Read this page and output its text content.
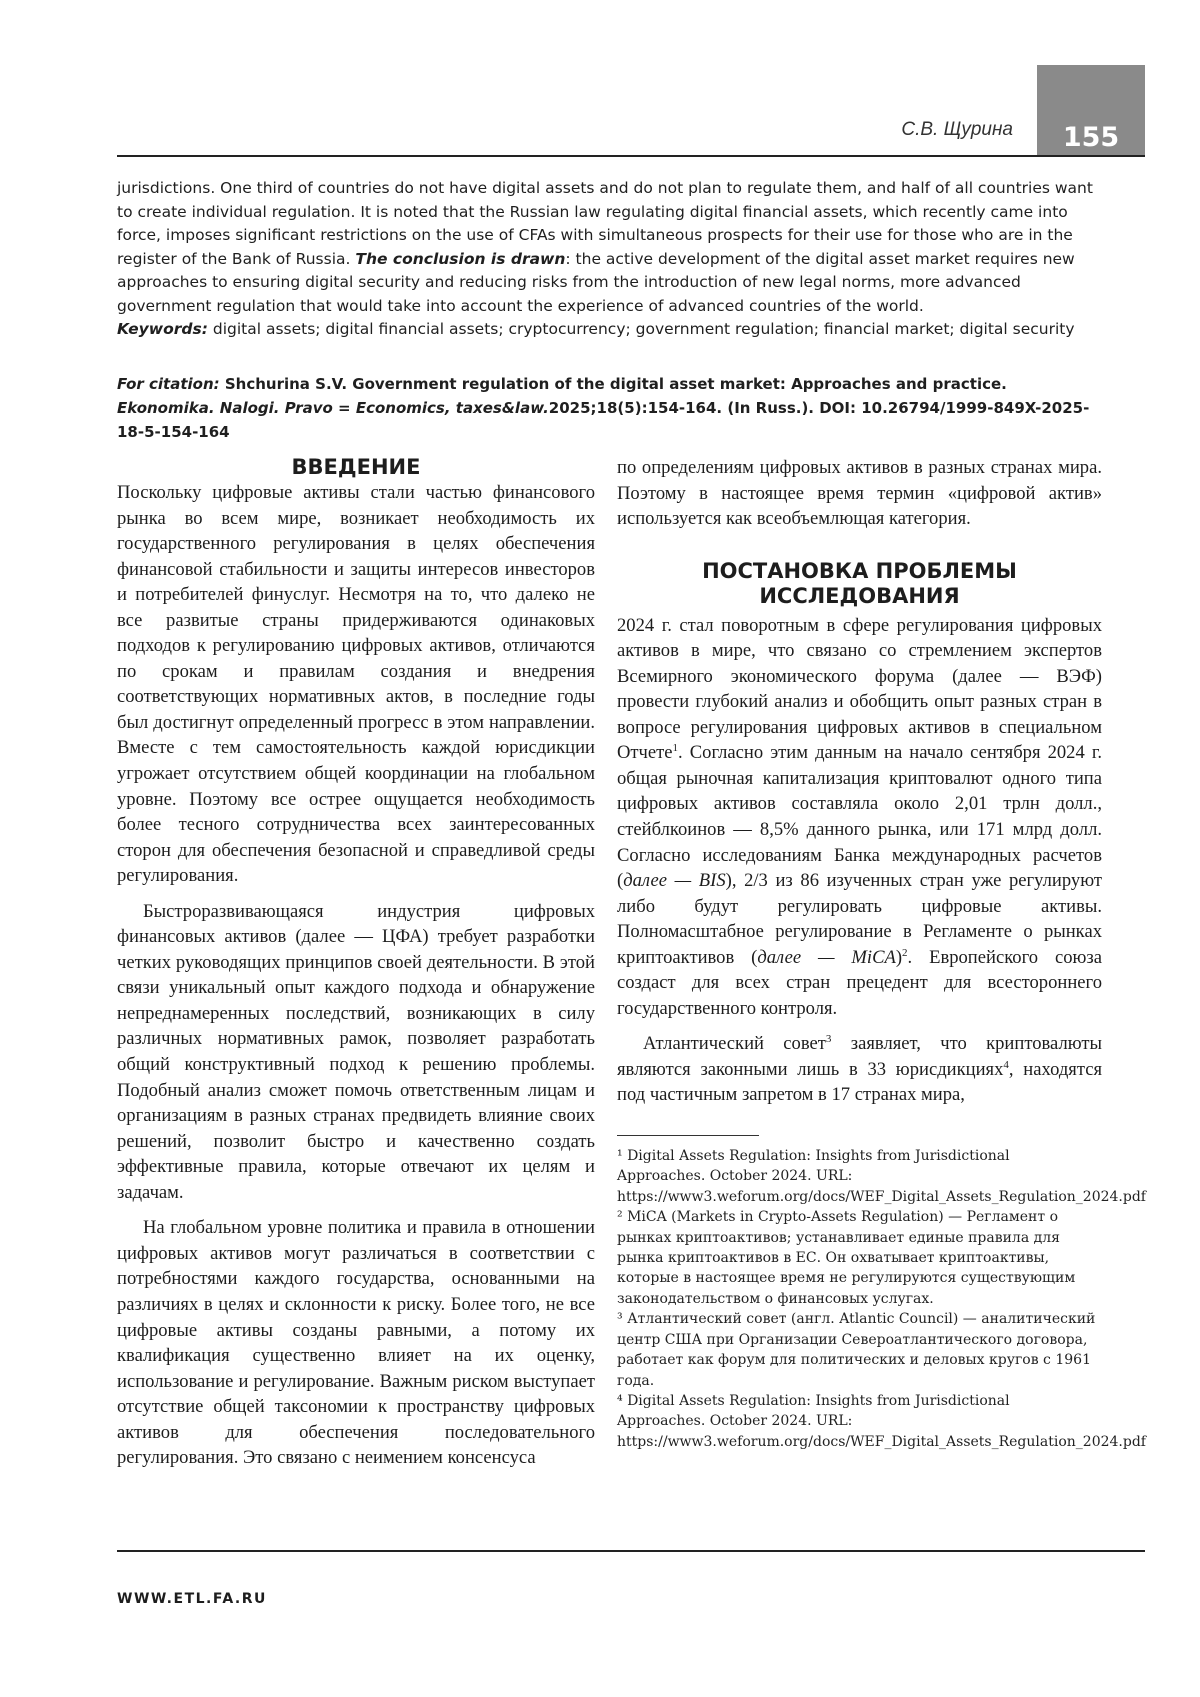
С.В. Щурина	155

jurisdictions. One third of countries do not have digital assets and do not plan to regulate them, and half of all countries want to create individual regulation. It is noted that the Russian law regulating digital financial assets, which recently came into force, imposes significant restrictions on the use of CFAs with simultaneous prospects for their use for those who are in the register of the Bank of Russia. The conclusion is drawn: the active development of the digital asset market requires new approaches to ensuring digital security and reducing risks from the introduction of new legal norms, more advanced government regulation that would take into account the experience of advanced countries of the world.

Keywords: digital assets; digital financial assets; cryptocurrency; government regulation; financial market; digital security

For citation: Shchurina S.V. Government regulation of the digital asset market: Approaches and practice. Ekonomika. Nalogi. Pravo = Economics, taxes&law.2025;18(5):154-164. (In Russ.). DOI: 10.26794/1999-849X-2025-18-5-154-164
ВВЕДЕНИЕ

Поскольку цифровые активы стали частью финансового рынка во всем мире, возникает необходимость их государственного регулирования в целях обеспечения финансовой стабильности и защиты интересов инвесторов и потребителей финуслуг. Несмотря на то, что далеко не все развитые страны придерживаются одинаковых подходов к регулированию цифровых активов, отличаются по срокам и правилам создания и внедрения соответствующих нормативных актов, в последние годы был достигнут определенный прогресс в этом направлении. Вместе с тем самостоятельность каждой юрисдикции угрожает отсутствием общей координации на глобальном уровне. Поэтому все острее ощущается необходимость более тесного сотрудничества всех заинтересованных сторон для обеспечения безопасной и справедливой среды регулирования.

Быстроразвивающаяся индустрия цифровых финансовых активов (далее — ЦФА) требует разработки четких руководящих принципов своей деятельности. В этой связи уникальный опыт каждого подхода и обнаружение непреднамеренных последствий, возникающих в силу различных нормативных рамок, позволяет разработать общий конструктивный подход к решению проблемы. Подобный анализ сможет помочь ответственным лицам и организациям в разных странах предвидеть влияние своих решений, позволит быстро и качественно создать эффективные правила, которые отвечают их целям и задачам.

На глобальном уровне политика и правила в отношении цифровых активов могут различаться в соответствии с потребностями каждого государства, основанными на различиях в целях и склонности к риску. Более того, не все цифровые активы созданы равными, а потому их квалификация существенно влияет на их оценку, использование и регулирование. Важным риском выступает отсутствие общей таксономии к пространству цифровых активов для обеспечения последовательного регулирования. Это связано с неимением консенсуса

по определениям цифровых активов в разных странах мира. Поэтому в настоящее время термин «цифровой актив» используется как всеобъемлющая категория.

ПОСТАНОВКА ПРОБЛЕМЫ
ИССЛЕДОВАНИЯ

2024 г. стал поворотным в сфере регулирования цифровых активов в мире, что связано со стремлением экспертов Всемирного экономического форума (далее — ВЭФ) провести глубокий анализ и обобщить опыт разных стран в вопросе регулирования цифровых активов в специальном Отчете$^1$. Согласно этим данным на начало сентября 2024 г. общая рыночная капитализация криптовалют одного типа цифровых активов составляла около 2,01 трлн долл., стейблкоинов — 8,5% данного рынка, или 171 млрд долл. Согласно исследованиям Банка международных расчетов (далее — BIS), 2/3 из 86 изученных стран уже регулируют либо будут регулировать цифровые активы. Полномасштабное регулирование в Регламенте о рынках криптоактивов (далее — MiCA)$^2$. Европейского союза создаст для всех стран прецедент для всестороннего государственного контроля.

Атлантический совет$^3$ заявляет, что криптовалюты являются законными лишь в 33 юрисдикциях$^4$, находятся под частичным запретом в 17 странах мира,

¹ Digital Assets Regulation: Insights from Jurisdictional Approaches. October 2024. URL: https://www3.weforum.org/docs/WEF_Digital_Assets_Regulation_2024.pdf

² MiCA (Markets in Crypto-Assets Regulation) — Регламент о рынках криптоактивов; устанавливает единые правила для рынка криптоактивов в ЕС. Он охватывает криптоактивы, которые в настоящее время не регулируются существующим законодательством о финансовых услугах.

³ Атлантический совет (англ. Atlantic Council) — аналитический центр США при Организации Североатлантического договора, работает как форум для политических и деловых кругов с 1961 года.

⁴ Digital Assets Regulation: Insights from Jurisdictional Approaches. October 2024. URL: https://www3.weforum.org/docs/WEF_Digital_Assets_Regulation_2024.pdf

WWW.ETL.FA.RU
